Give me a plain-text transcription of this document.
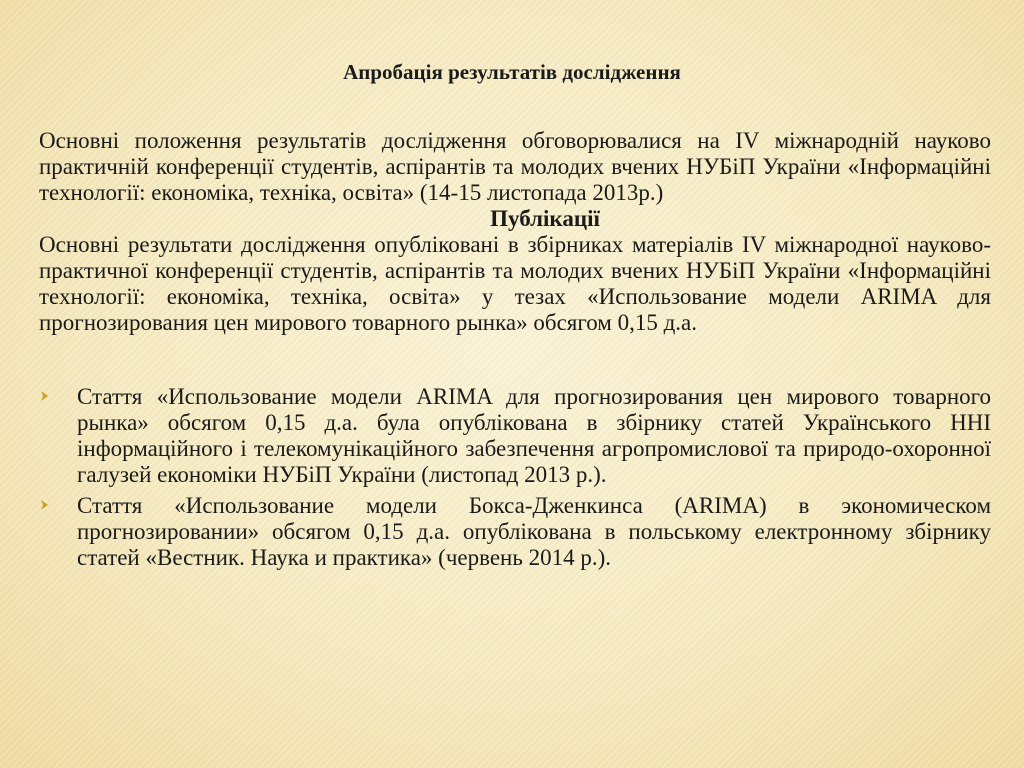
Апробація результатів дослідження

Основні положення результатів дослідження обговорювалися на IV міжнародній науково практичній конференції студентів, аспірантів та молодих вчених НУБіП України «Інформаційні технології: економіка, техніка, освіта» (14-15 листопада 2013р.)

Публікації

Основні результати дослідження опубліковані в збірниках матеріалів IV міжнародної науково-практичної конференції студентів, аспірантів та молодих вчених НУБіП України «Інформаційні технології: економіка, техніка, освіта» у тезах «Использование модели ARIMA для прогнозирования цен мирового товарного рынка» обсягом 0,15 д.а.

Стаття «Использование модели ARIMA для прогнозирования цен мирового товарного рынка» обсягом 0,15 д.а. була опублікована в збірнику статей Українського ННІ інформаційного і телекомунікаційного забезпечення агропромислової та природо-охоронної галузей економіки НУБіП України (листопад 2013 р.).
Стаття «Использование модели Бокса-Дженкинса (ARIMA) в экономическом прогнозировании» обсягом 0,15 д.а. опублікована в польському електронному збірнику статей «Вестник. Наука и практика» (червень 2014 р.).
